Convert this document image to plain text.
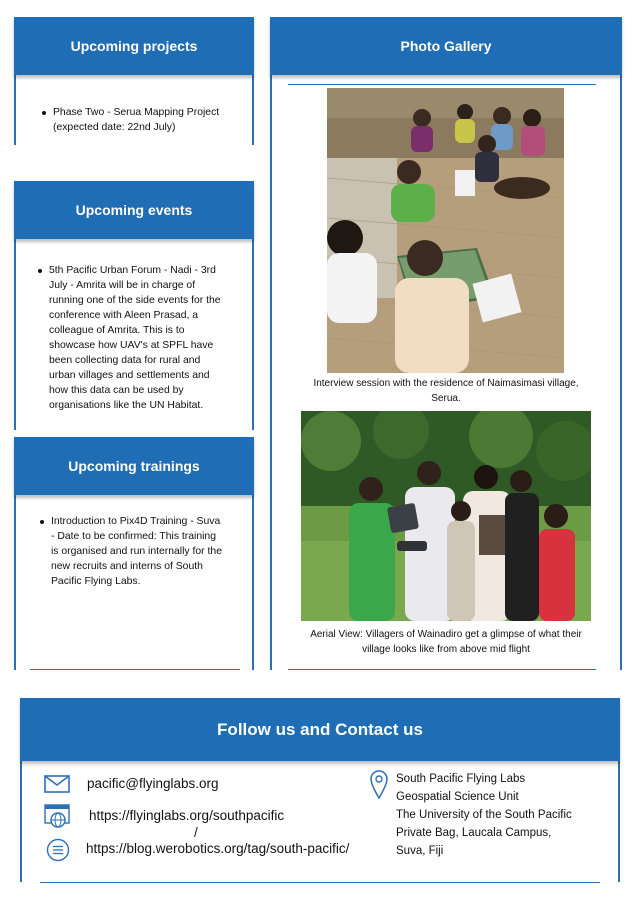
Upcoming projects
Phase Two - Serua Mapping Project
(expected date: 22nd July)
Upcoming events
5th Pacific Urban Forum - Nadi - 3rd
July - Amrita will be in charge of
running one of the side events for the
conference with Aleen Prasad, a
colleague of Amrita. This is to
showcase how UAV's at SPFL have
been collecting data for rural and
urban villages and settlements and
how this data can be used by
organisations like the UN Habitat.
Upcoming trainings
Introduction to Pix4D Training - Suva
- Date to be confirmed: This training
is organised and run internally for the
new recruits and interns of South
Pacific Flying Labs.
Photo Gallery
Interview session with the residence of Naimasimasi village,
Serua.
Aerial View: Villagers of Wainadiro get a glimpse of what their
village looks like from above mid flight
Follow us and Contact us
pacific@flyinglabs.org
https://flyinglabs.org/southpacific
/
https://blog.werobotics.org/tag/south-pacific/
South Pacific Flying Labs
Geospatial Science Unit
The University of the South Pacific
Private Bag, Laucala Campus,
Suva, Fiji
